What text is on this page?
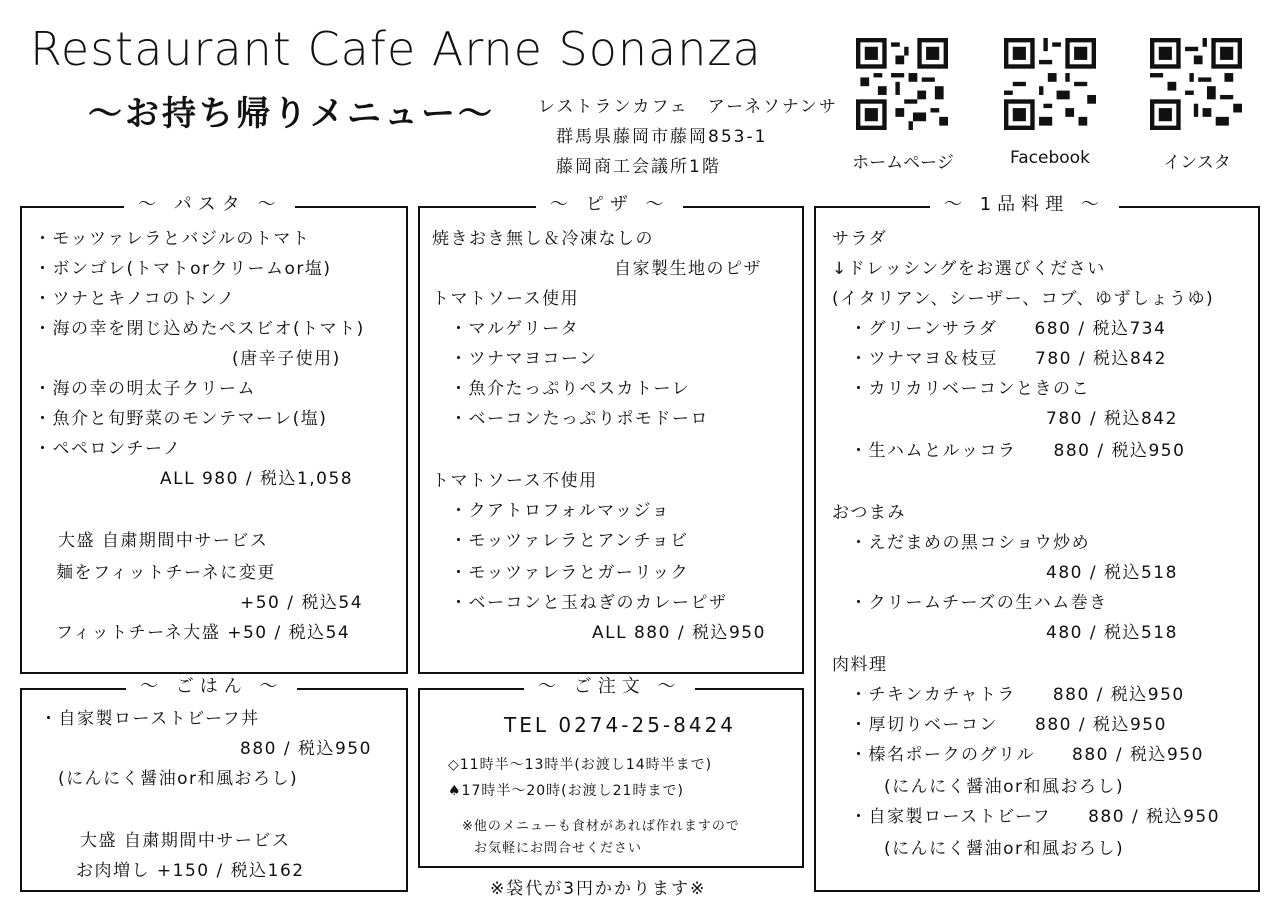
Restaurant Cafe Arne Sonanza
〜お持ち帰りメニュー〜	レストランカフェ　アーネソナンサ
群馬県藤岡市藤岡853-1
藤岡商工会議所1階	ホームページ	Facebook	インスタ
〜 パスタ 〜
・モッツァレラとバジルのトマト
・ボンゴレ(トマトorクリームor塩)
・ツナとキノコのトンノ
・海の幸を閉じ込めたペスビオ(トマト)
(唐辛子使用)
・海の幸の明太子クリーム
・魚介と旬野菜のモンテマーレ(塩)
・ペペロンチーノ
ALL 980 / 税込1,058
大盛 自粛期間中サービス
麺をフィットチーネに変更
+50 / 税込54
フィットチーネ大盛 +50 / 税込54
〜 ピザ 〜
焼きおき無し＆冷凍なしの
自家製生地のピザ
トマトソース使用
・マルゲリータ
・ツナマヨコーン
・魚介たっぷりペスカトーレ
・ベーコンたっぷりポモドーロ
トマトソース不使用
・クアトロフォルマッジョ
・モッツァレラとアンチョビ
・モッツァレラとガーリック
・ベーコンと玉ねぎのカレーピザ
ALL 880 / 税込950
〜 1品料理 〜
サラダ
↓ドレッシングをお選びください
(イタリアン、シーザー、コブ、ゆずしょうゆ)
・グリーンサラダ　　680 / 税込734
・ツナマヨ＆枝豆　　780 / 税込842
・カリカリベーコンときのこ
780 / 税込842
・生ハムとルッコラ　　880 / 税込950
おつまみ
・えだまめの黒コショウ炒め
480 / 税込518
・クリームチーズの生ハム巻き
480 / 税込518
肉料理
・チキンカチャトラ　　880 / 税込950
・厚切りベーコン　　880 / 税込950
・榛名ポークのグリル　　880 / 税込950
(にんにく醤油or和風おろし)
・自家製ローストビーフ　　880 / 税込950
(にんにく醤油or和風おろし)
〜 ごはん 〜
・自家製ローストビーフ丼
880 / 税込950
(にんにく醤油or和風おろし)
大盛 自粛期間中サービス
お肉増し +150 / 税込162
〜 ご注文 〜
TEL 0274-25-8424
◇11時半〜13時半(お渡し14時半まで)
♠17時半〜20時(お渡し21時まで)
※他のメニューも食材があれば作れますので
お気軽にお問合せください
※袋代が3円かかります※
